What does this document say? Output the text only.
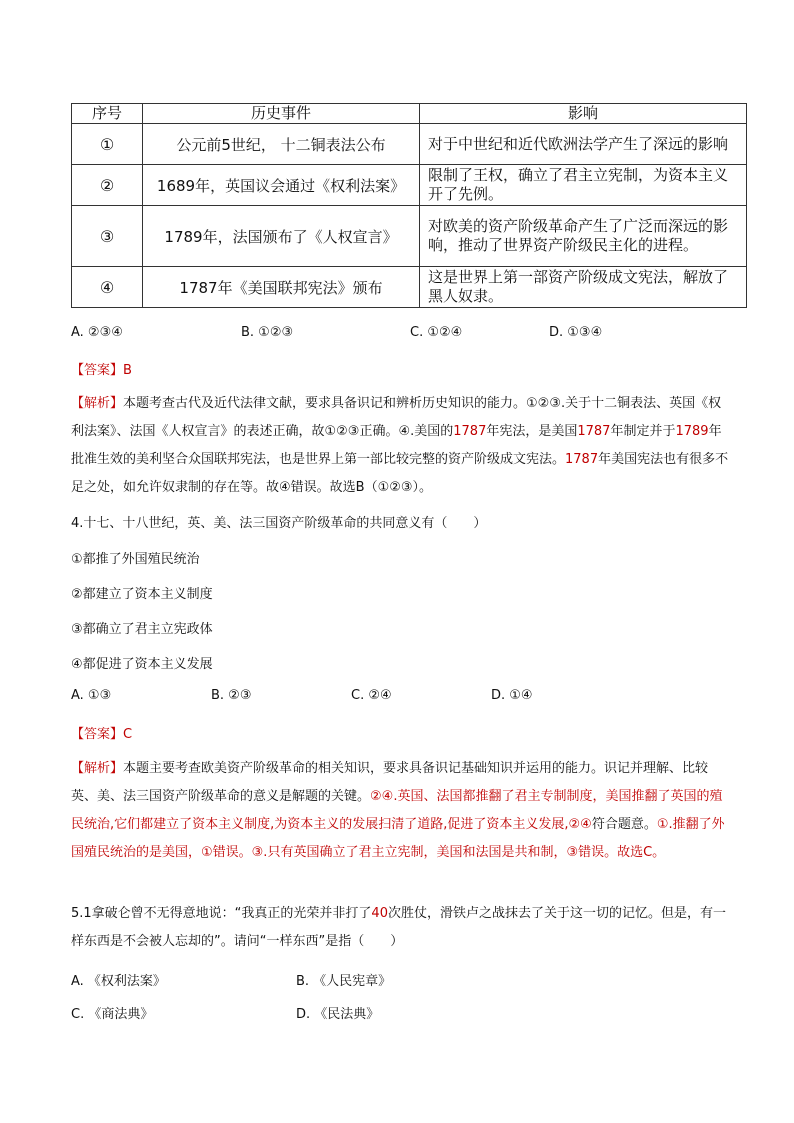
序号	历史事件	影响
①	公元前5世纪， 十二铜表法公布	对于中世纪和近代欧洲法学产生了深远的影响
②	1689年，英国议会通过《权利法案》	限制了王权，确立了君主立宪制，为资本主义开了先例。
③	1789年，法国颁布了《人权宣言》	对欧美的资产阶级革命产生了广泛而深远的影响，推动了世界资产阶级民主化的进程。
④	1787年《美国联邦宪法》颁布	这是世界上第一部资产阶级成文宪法，解放了黑人奴隶。
A. ②③④	B. ①②③	C. ①②④	D. ①③④
【答案】B
【解析】本题考查古代及近代法律文献，要求具备识记和辨析历史知识的能力。①②③.关于十二铜表法、英国《权利法案》、法国《人权宣言》的表述正确，故①②③正确。④.美国的1787年宪法，是美国1787年制定并于1789年批准生效的美利坚合众国联邦宪法，也是世界上第一部比较完整的资产阶级成文宪法。1787年美国宪法也有很多不足之处，如允许奴隶制的存在等。故④错误。故选B（①②③）。
4.十七、十八世纪，英、美、法三国资产阶级革命的共同意义有（　　）
①都推了外国殖民统治
②都建立了资本主义制度
③都确立了君主立宪政体
④都促进了资本主义发展
A. ①③	B. ②③	C. ②④	D. ①④
【答案】C
【解析】本题主要考查欧美资产阶级革命的相关知识，要求具备识记基础知识并运用的能力。识记并理解、比较英、美、法三国资产阶级革命的意义是解题的关键。②④.英国、法国都推翻了君主专制制度，美国推翻了英国的殖民统治,它们都建立了资本主义制度,为资本主义的发展扫清了道路,促进了资本主义发展,②④符合题意。①.推翻了外国殖民统治的是美国，①错误。③.只有英国确立了君主立宪制，美国和法国是共和制，③错误。故选C。
5.1拿破仑曾不无得意地说：“我真正的光荣并非打了40次胜仗，滑铁卢之战抹去了关于这一切的记忆。但是，有一样东西是不会被人忘却的”。请问“一样东西”是指（　　）
A. 《权利法案》	B. 《人民宪章》
C. 《商法典》	D. 《民法典》
